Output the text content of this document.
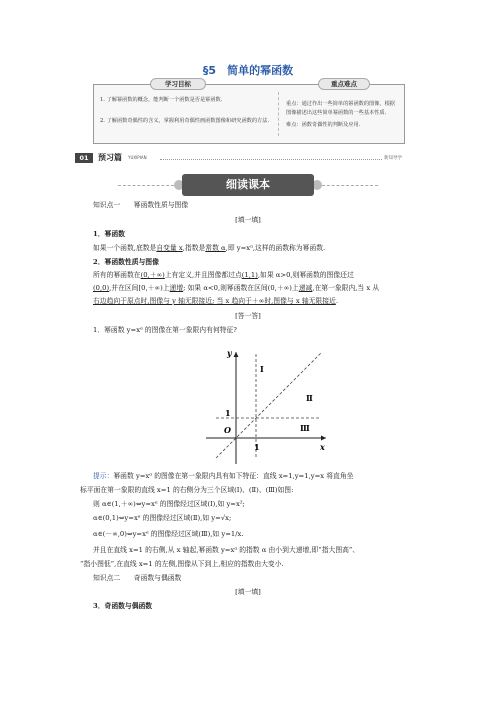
§5　简单的幂函数
学习目标	重点难点
1. 了解幂函数的概念，能判断一个函数是否是幂函数.
2. 了解函数奇偶性的含义，掌握利用奇偶性画函数图像和研究函数的方法.
重点：通过作出一些简单的幂函数的图像，根据图像描述出这些简单幂函数的一些基本性质.
难点：函数奇偶性的判断及应用.
01	预习篇 YUXIPIAN	新知导学
细读课本
知识点一　　幂函数性质与图像
[填一填]
1．幂函数
如果一个函数,底数是自变量 x,指数是常数 α,即 y=xᵅ,这样的函数称为幂函数.
2．幂函数性质与图像
所有的幂函数在(0,＋∞)上有定义,并且图像都过点(1,1),如果 α>0,则幂函数的图像还过
(0,0),并在区间[0,＋∞)上递增; 如果 α<0,则幂函数在区间(0,＋∞)上递减,在第一象限内,当 x 从
右边趋向于原点时,图像与 y 轴无限接近; 当 x 趋向于＋∞时,图像与 x 轴无限接近.
[答一答]
1．幂函数 y=xᵅ 的图像在第一象限内有何特征?
y
x
O
1
1
Ⅰ
Ⅱ
Ⅲ
提示：幂函数 y=xᵅ 的图像在第一象限内具有如下特征：直线 x=1,y=1,y=x 将直角坐
标平面在第一象限的直线 x=1 的右侧分为三个区域(Ⅰ)、(Ⅱ)、(Ⅲ)如图:
则 α∈(1,＋∞)⇔y=xᵅ 的图像经过区域(Ⅰ),如 y=x²;
α∈(0,1)⇔y=xᵅ 的图像经过区域(Ⅱ),如 y=√x;
α∈(－∞,0)⇔y=xᵅ 的图像经过区域(Ⅲ),如 y=1/x.
并且在直线 x=1 的右侧,从 x 轴起,幂函数 y=xᵅ 的指数 α 由小到大递增,即“指大图高”、
“指小图低”,在直线 x=1 的左侧,图像从下到上,相应的指数由大变小.
知识点二　　奇函数与偶函数
[填一填]
3．奇函数与偶函数
